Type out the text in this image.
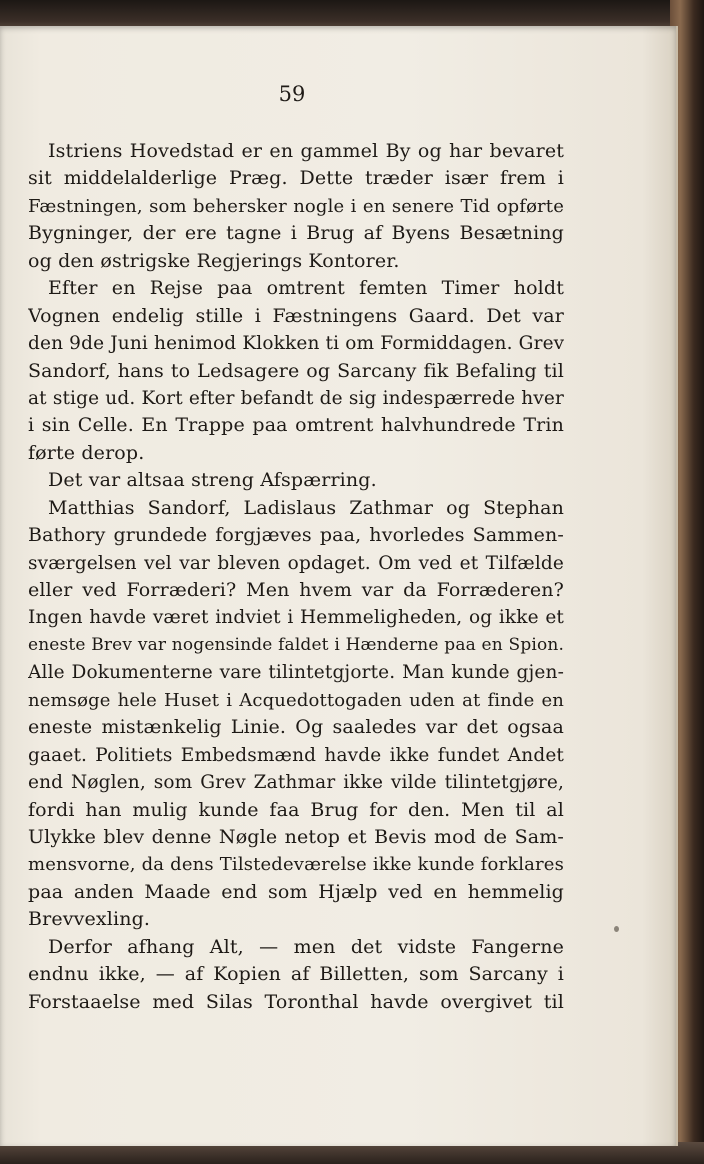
59
Istriens Hovedstad er en gammel By og har bevaret
sit middelalderlige Præg. Dette træder især frem i
Fæstningen, som behersker nogle i en senere Tid opførte
Bygninger, der ere tagne i Brug af Byens Besætning
og den østrigske Regjerings Kontorer.
Efter en Rejse paa omtrent femten Timer holdt
Vognen endelig stille i Fæstningens Gaard. Det var
den 9de Juni henimod Klokken ti om Formiddagen. Grev
Sandorf, hans to Ledsagere og Sarcany fik Befaling til
at stige ud. Kort efter befandt de sig indespærrede hver
i sin Celle. En Trappe paa omtrent halvhundrede Trin
førte derop.
Det var altsaa streng Afspærring.
Matthias Sandorf, Ladislaus Zathmar og Stephan
Bathory grundede forgjæves paa, hvorledes Sammen-
sværgelsen vel var bleven opdaget. Om ved et Tilfælde
eller ved Forræderi? Men hvem var da Forræderen?
Ingen havde været indviet i Hemmeligheden, og ikke et
eneste Brev var nogensinde faldet i Hænderne paa en Spion.
Alle Dokumenterne vare tilintetgjorte. Man kunde gjen-
nemsøge hele Huset i Acquedottogaden uden at finde en
eneste mistænkelig Linie. Og saaledes var det ogsaa
gaaet. Politiets Embedsmænd havde ikke fundet Andet
end Nøglen, som Grev Zathmar ikke vilde tilintetgjøre,
fordi han mulig kunde faa Brug for den. Men til al
Ulykke blev denne Nøgle netop et Bevis mod de Sam-
mensvorne, da dens Tilstedeværelse ikke kunde forklares
paa anden Maade end som Hjælp ved en hemmelig
Brevvexling.
Derfor afhang Alt, — men det vidste Fangerne
endnu ikke, — af Kopien af Billetten, som Sarcany i
Forstaaelse med Silas Toronthal havde overgivet til
